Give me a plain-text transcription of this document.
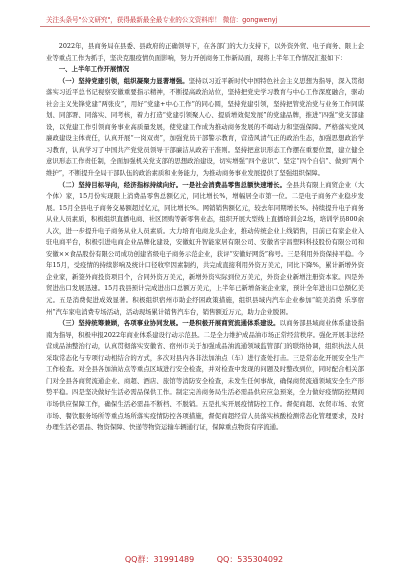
关注头条号"公文研究"，获得最新最全最专业的公文资料库！ 微信：gongwenyj

2022年，县商务局在县委、县政府的正确领导下，在各部门的大力支持下，以外资外贸、电子商务、限上企业等重点工作为抓手，坚决克服疫情负面影响，努力开创商务工作新局面，现将上半年工作情况汇报如下：

一、上半年工作开展情况

（一）坚持党建引领，组织凝聚力显著增强。坚持以习近平新时代中国特色社会主义思想为指导，深入贯彻落实习近平总书记视察安徽重要指示精神，不断提高政治站位，坚持把党史学习教育与中心工作深度融合，驱动社会主义先锋党建“两张皮”，用好“党建+中心工作”的同心圆，坚持党建引领，坚持把管党治党与业务工作同谋划、同部署、同落实、同考核，着力打造“党建引领聚人心、提质增效促发展”的党建品牌，推进“四强”党支部建设，以党建工作引领商务事业高质量发展，使党建工作成为推动商务发展的不竭动力和坚强保障。严格落实党风廉政建设主体责任，认真开展“一岗双责”，加强党员干部警示教育，营造风清气正的政治生态，加强思想政治学习教育，认真学习了中国共产党党员领导干部廉洁从政若干准则。坚持把意识形态工作摆在重要位置，建立健全意识形态工作责任制，全面加强机关党支部的思想政治建设，切实增强“四个意识”、坚定“四个自信”、做到“两个维护”，不断提升全局干部队伍的政治素质和业务能力，为推动商务事业发展提供了坚强组织保障。

（二）坚持目标导向，经济指标持续向好。一是社会消费品零售总额快速增长。全县共有限上商贸企业（大个体）家，15月份实现限上消费品零售总额亿元，同比增长%，增幅居全市第一位。二是电子商务产业稳步发展。15月全县电子商务交易额超过亿元，同比增长%。网销销售额亿元，较去年同期增长%。持续提升电子商务从业人员素质，积极组织直播电商、社区团购等新零售业态，组织开展大型线上直播培训会2场，培训学员800余人次，进一步提升电子商务从业人员素质。大力培育电商龙头企业，推动传统企业上线销售，目前已有家企业入驻电商平台，积极引进电商企业品牌化建设，安徽虹升智能家居有限公司、安徽省宇昌塑料科技股份有限公司和安徽××食品股份有限公司成功创建省级电子商务示范企业，获评“安徽好网货”称号。三是利用外资保持平稳。今年15月，受疫情的持续影响及统计口径收窄因素制约，共完成直接利用外资万美元，同比下降%，累计新增外资企业家，新签外商投资项目个，合同外资万美元，新增外资实际到位万美元，外资企业新增注册资本家。四是外贸进出口发展迅速。15月我县预计完成进出口总额万美元，上半年已新增备案企业家，预计全年进出口总额亿美元。五是消费促进成效显著。积极组织宿州市助企纾困政策措施，组织县域内汽车企业参加“皖美消费 乐享宿州”汽车家电消费专场活动，活动现场累计销售汽车台，销售额近万元，助力企业脱困。

（三）坚持统筹兼顾，各项事业协同发展。一是积极开展商贸流通体系建设。以商务部县域商业体系建设指南为指导，积极申报2022年商业体系建设行动示范县。二是全力维护成品油市场正常经营秩序。强化开展非法经营成品油整治行动，认真贯彻落实安徽省、宿州市关于加强成品油流通领域监管部门的联络协调，组织执法人员采取常态化与专项行动相结合的方式，多次对县内各非法加油点（车）进行查处打击。三是常态化开展安全生产工作检查。对全县各加油站点等重点区域进行安全检查，并对检查中发现的问题及时整改到位，同时配合相关部门对全县各商贸流通企业、商超、酒店、旅馆等消防安全检查，未发生任何事故，确保商贸流通领域安全生产形势平稳。四是坚决做好生活必需品保供工作。制定完善商务局生活必需品供应应急预案，全力做好疫情防控期间市场供应保障工作，确保生活必需品不断档、不脱销。五是扎实开展疫情防控工作。督促商超、农贸市场、农贸市场、餐饮服务场所等重点场所落实疫情防控各项措施，督促商超经营人员落实核酸检测常态化管理要求，及时办理生活必需品、物资保障、快递等物资运输车辆通行证，保障重点物资有序流通。

QQ群：31991489	QQ：535304092
